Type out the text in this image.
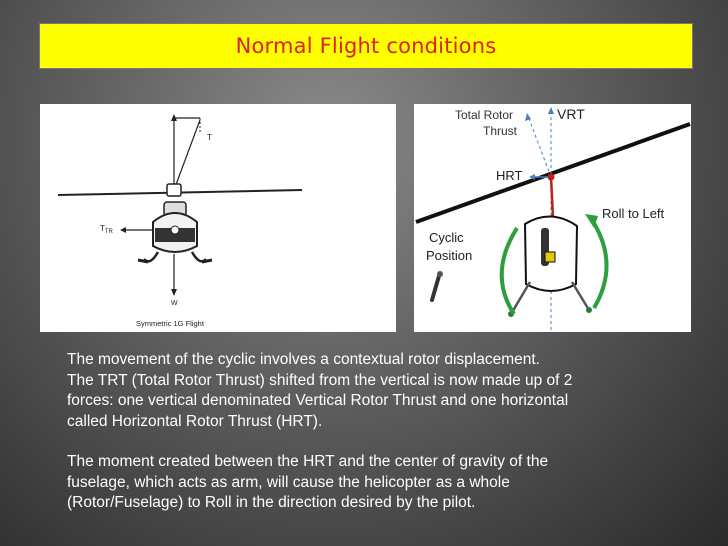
Normal Flight conditions
T
$T_{TR}$
W
Symmetric 1G Flight
Total Rotor
Thrust
VRT
HRT
Roll to Left
Cyclic
Position

The movement of the cyclic involves a contextual rotor displacement.

The TRT (Total Rotor Thrust) shifted from the vertical is now made up of 2

forces: one vertical denominated Vertical Rotor Thrust and one horizontal

called Horizontal Rotor Thrust (HRT).

The moment created between the HRT and the center of gravity of the

fuselage, which acts as arm, will cause the helicopter as a whole

(Rotor/Fuselage) to Roll in the direction desired by the pilot.
